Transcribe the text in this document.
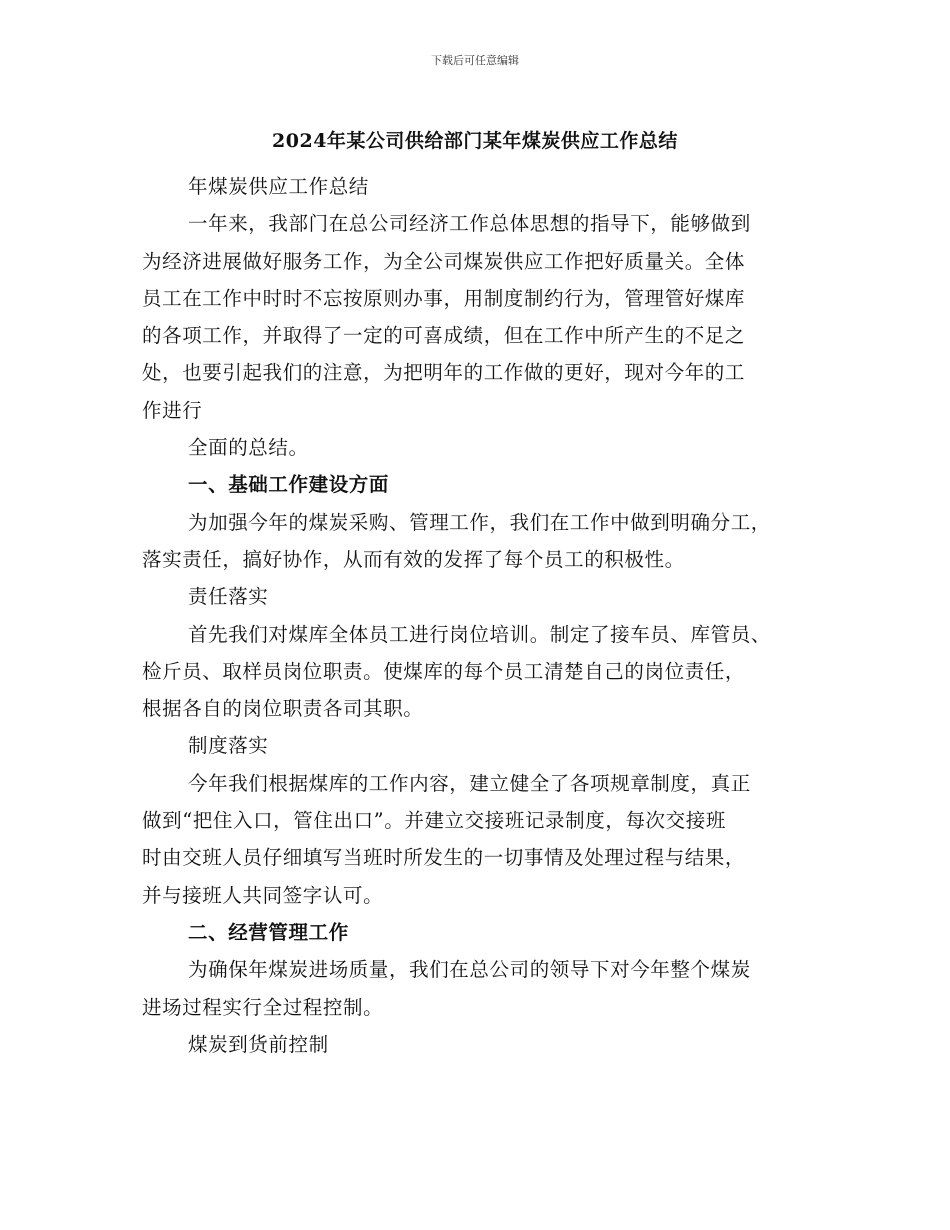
下载后可任意编辑
2024年某公司供给部门某年煤炭供应工作总结
年煤炭供应工作总结
一年来，我部门在总公司经济工作总体思想的指导下，能够做到
为经济进展做好服务工作，为全公司煤炭供应工作把好质量关。全体
员工在工作中时时不忘按原则办事，用制度制约行为，管理管好煤库
的各项工作，并取得了一定的可喜成绩，但在工作中所产生的不足之
处，也要引起我们的注意，为把明年的工作做的更好，现对今年的工
作进行
全面的总结。
一、基础工作建设方面
为加强今年的煤炭采购、管理工作，我们在工作中做到明确分工，
落实责任，搞好协作，从而有效的发挥了每个员工的积极性。
责任落实
首先我们对煤库全体员工进行岗位培训。制定了接车员、库管员、
检斤员、取样员岗位职责。使煤库的每个员工清楚自己的岗位责任，
根据各自的岗位职责各司其职。
制度落实
今年我们根据煤库的工作内容，建立健全了各项规章制度，真正
做到“把住入口，管住出口”。并建立交接班记录制度，每次交接班
时由交班人员仔细填写当班时所发生的一切事情及处理过程与结果，
并与接班人共同签字认可。
二、经营管理工作
为确保年煤炭进场质量，我们在总公司的领导下对今年整个煤炭
进场过程实行全过程控制。
煤炭到货前控制
